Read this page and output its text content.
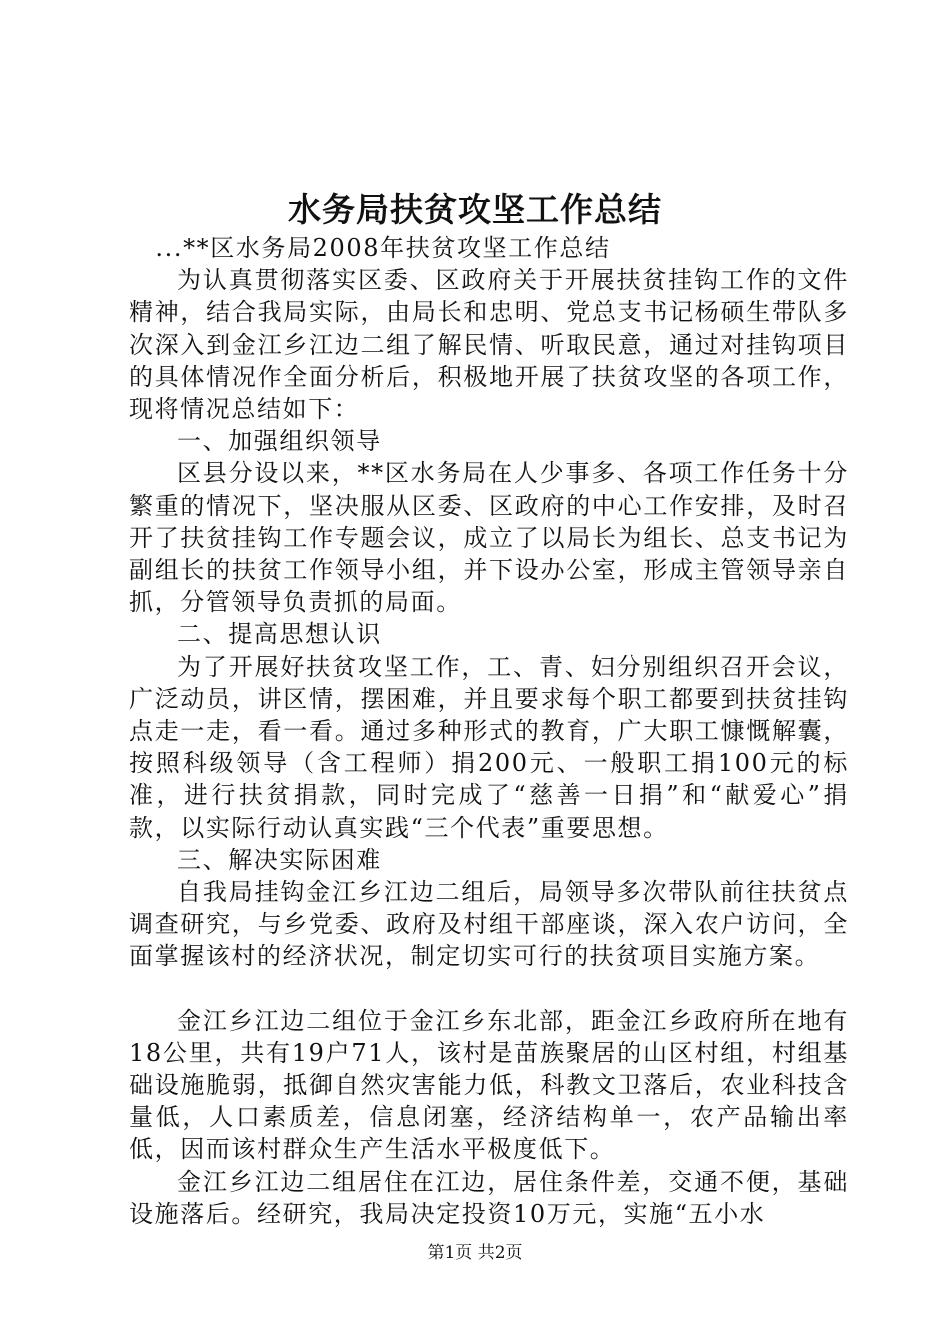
水务局扶贫攻坚工作总结

...**区水务局2008年扶贫攻坚工作总结

为认真贯彻落实区委、区政府关于开展扶贫挂钩工作的文件精神，结合我局实际，由局长和忠明、党总支书记杨硕生带队多次深入到金江乡江边二组了解民情、听取民意，通过对挂钩项目的具体情况作全面分析后，积极地开展了扶贫攻坚的各项工作，现将情况总结如下：

一、加强组织领导

区县分设以来，**区水务局在人少事多、各项工作任务十分繁重的情况下，坚决服从区委、区政府的中心工作安排，及时召开了扶贫挂钩工作专题会议，成立了以局长为组长、总支书记为副组长的扶贫工作领导小组，并下设办公室，形成主管领导亲自抓，分管领导负责抓的局面。

二、提高思想认识

为了开展好扶贫攻坚工作，工、青、妇分别组织召开会议，广泛动员，讲区情，摆困难，并且要求每个职工都要到扶贫挂钩点走一走，看一看。通过多种形式的教育，广大职工慷慨解囊，按照科级领导（含工程师）捐200元、一般职工捐100元的标准，进行扶贫捐款，同时完成了“慈善一日捐”和“献爱心”捐款，以实际行动认真实践“三个代表”重要思想。

三、解决实际困难

自我局挂钩金江乡江边二组后，局领导多次带队前往扶贫点调查研究，与乡党委、政府及村组干部座谈，深入农户访问，全面掌握该村的经济状况，制定切实可行的扶贫项目实施方案。

金江乡江边二组位于金江乡东北部，距金江乡政府所在地有18公里，共有19户71人，该村是苗族聚居的山区村组，村组基础设施脆弱，抵御自然灾害能力低，科教文卫落后，农业科技含量低，人口素质差，信息闭塞，经济结构单一，农产品输出率低，因而该村群众生产生活水平极度低下。

金江乡江边二组居住在江边，居住条件差，交通不便，基础设施落后。经研究，我局决定投资10万元，实施“五小水

第1页 共2页
